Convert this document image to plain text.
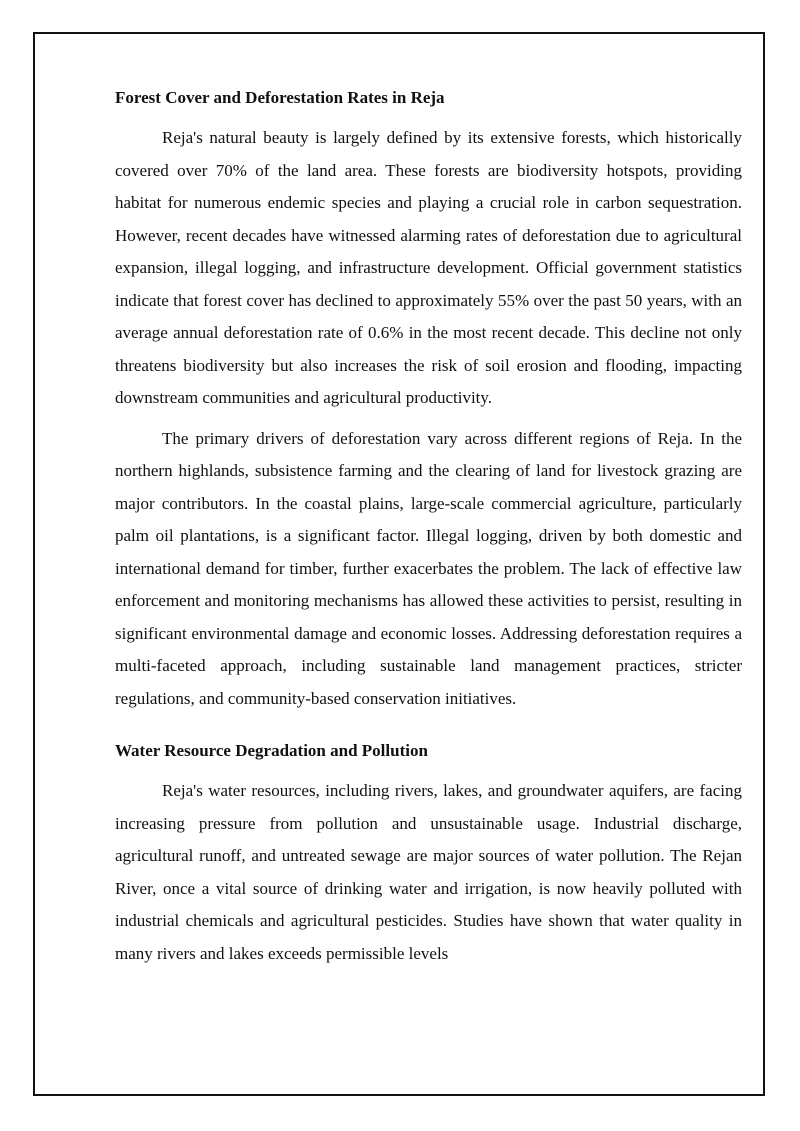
Forest Cover and Deforestation Rates in Reja

Reja's natural beauty is largely defined by its extensive forests, which historically covered over 70% of the land area. These forests are biodiversity hotspots, providing habitat for numerous endemic species and playing a crucial role in carbon sequestration. However, recent decades have witnessed alarming rates of deforestation due to agricultural expansion, illegal logging, and infrastructure development. Official government statistics indicate that forest cover has declined to approximately 55% over the past 50 years, with an average annual deforestation rate of 0.6% in the most recent decade. This decline not only threatens biodiversity but also increases the risk of soil erosion and flooding, impacting downstream communities and agricultural productivity.

The primary drivers of deforestation vary across different regions of Reja. In the northern highlands, subsistence farming and the clearing of land for livestock grazing are major contributors. In the coastal plains, large-scale commercial agriculture, particularly palm oil plantations, is a significant factor. Illegal logging, driven by both domestic and international demand for timber, further exacerbates the problem. The lack of effective law enforcement and monitoring mechanisms has allowed these activities to persist, resulting in significant environmental damage and economic losses. Addressing deforestation requires a multi-faceted approach, including sustainable land management practices, stricter regulations, and community-based conservation initiatives.

Water Resource Degradation and Pollution

Reja's water resources, including rivers, lakes, and groundwater aquifers, are facing increasing pressure from pollution and unsustainable usage. Industrial discharge, agricultural runoff, and untreated sewage are major sources of water pollution. The Rejan River, once a vital source of drinking water and irrigation, is now heavily polluted with industrial chemicals and agricultural pesticides. Studies have shown that water quality in many rivers and lakes exceeds permissible levels
